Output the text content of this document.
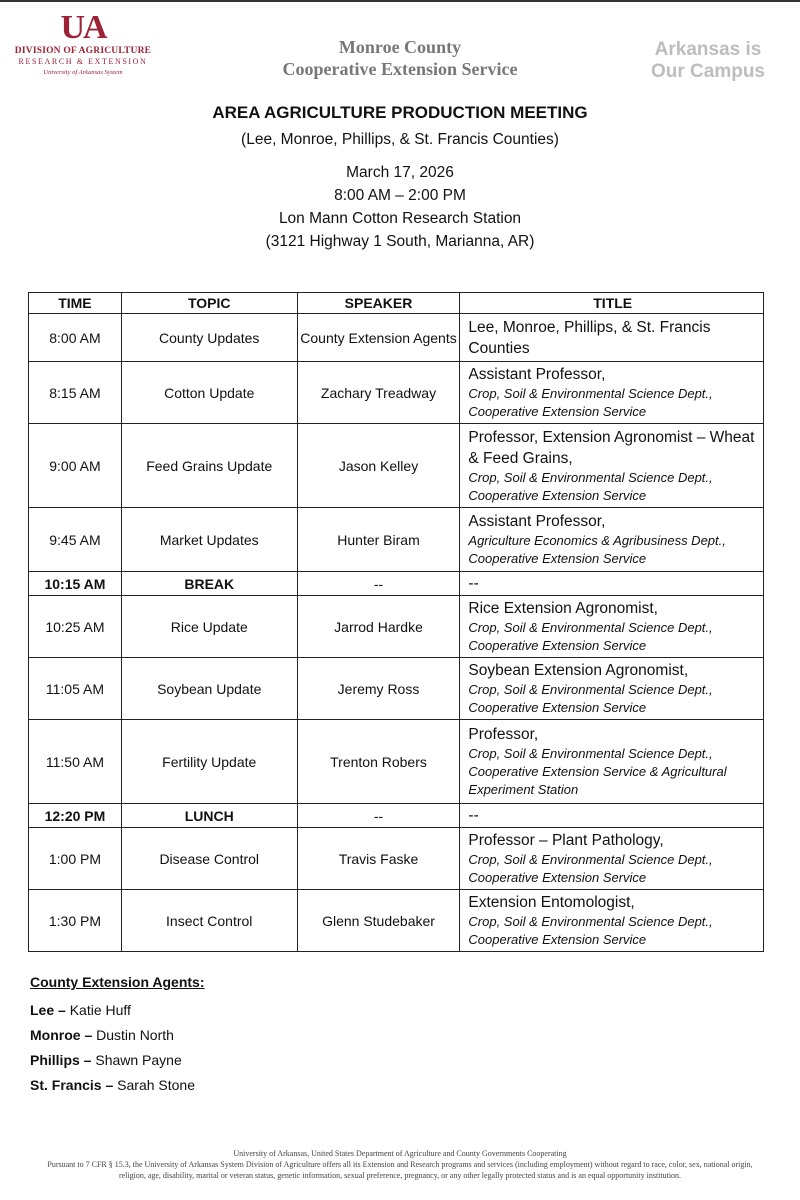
UA
DIVISION OF AGRICULTURE
RESEARCH & EXTENSION
University of Arkansas System
Monroe County
Cooperative Extension Service
Arkansas is
Our Campus
AREA AGRICULTURE PRODUCTION MEETING
(Lee, Monroe, Phillips, & St. Francis Counties)
March 17, 2026
8:00 AM – 2:00 PM
Lon Mann Cotton Research Station
(3121 Highway 1 South, Marianna, AR)
TIME	TOPIC	SPEAKER	TITLE
8:00 AM	County Updates	County Extension Agents	Lee, Monroe, Phillips, & St. Francis Counties

8:15 AM	Cotton Update	Zachary Treadway	Assistant Professor,
Crop, Soil & Environmental Science Dept., Cooperative Extension Service

9:00 AM	Feed Grains Update	Jason Kelley	Professor, Extension Agronomist – Wheat & Feed Grains,
Crop, Soil & Environmental Science Dept., Cooperative Extension Service

9:45 AM	Market Updates	Hunter Biram	Assistant Professor,
Agriculture Economics & Agribusiness Dept., Cooperative Extension Service

10:15 AM	BREAK	--	--

10:25 AM	Rice Update	Jarrod Hardke	Rice Extension Agronomist,
Crop, Soil & Environmental Science Dept., Cooperative Extension Service

11:05 AM	Soybean Update	Jeremy Ross	Soybean Extension Agronomist,
Crop, Soil & Environmental Science Dept., Cooperative Extension Service

11:50 AM	Fertility Update	Trenton Robers	Professor,
Crop, Soil & Environmental Science Dept., Cooperative Extension Service & Agricultural Experiment Station

12:20 PM	LUNCH	--	--

1:00 PM	Disease Control	Travis Faske	Professor – Plant Pathology,
Crop, Soil & Environmental Science Dept., Cooperative Extension Service

1:30 PM	Insect Control	Glenn Studebaker	Extension Entomologist,
Crop, Soil & Environmental Science Dept., Cooperative Extension Service
County Extension Agents:
Lee – Katie Huff
Monroe – Dustin North
Phillips – Shawn Payne
St. Francis – Sarah Stone
University of Arkansas, United States Department of Agriculture and County Governments Cooperating
Pursuant to 7 CFR § 15.3, the University of Arkansas System Division of Agriculture offers all its Extension and Research programs and services (including employment) without regard to race, color, sex, national origin, religion, age, disability, marital or veteran status, genetic information, sexual preference, pregnancy, or any other legally protected status and is an equal opportunity institution.
